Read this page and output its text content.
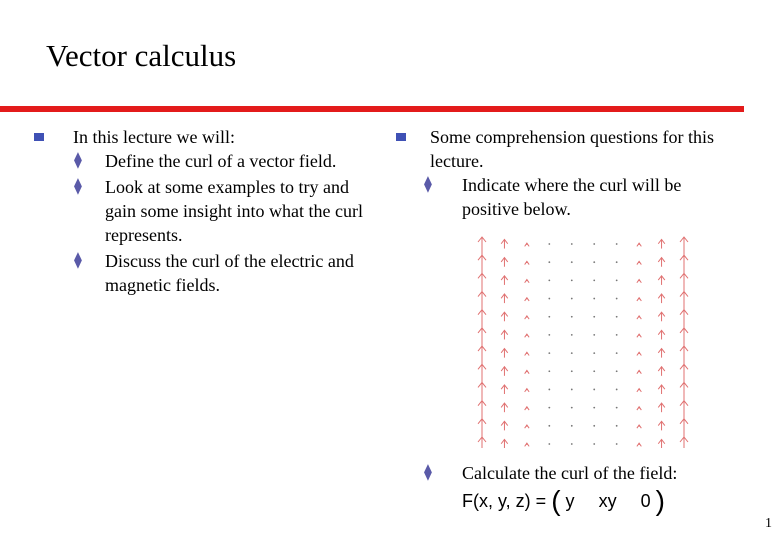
Vector calculus
In this lecture we will:
⧫ Define the curl of a vector field.
⧫ Look at some examples to try and gain some insight into what the curl represents.
⧫ Discuss the curl of the electric and magnetic fields.
Some comprehension questions for this lecture.
⧫ Indicate where the curl will be positive below.
⧫ Calculate the curl of the field:
F(x, y, z) = ( y xy 0 )
1
